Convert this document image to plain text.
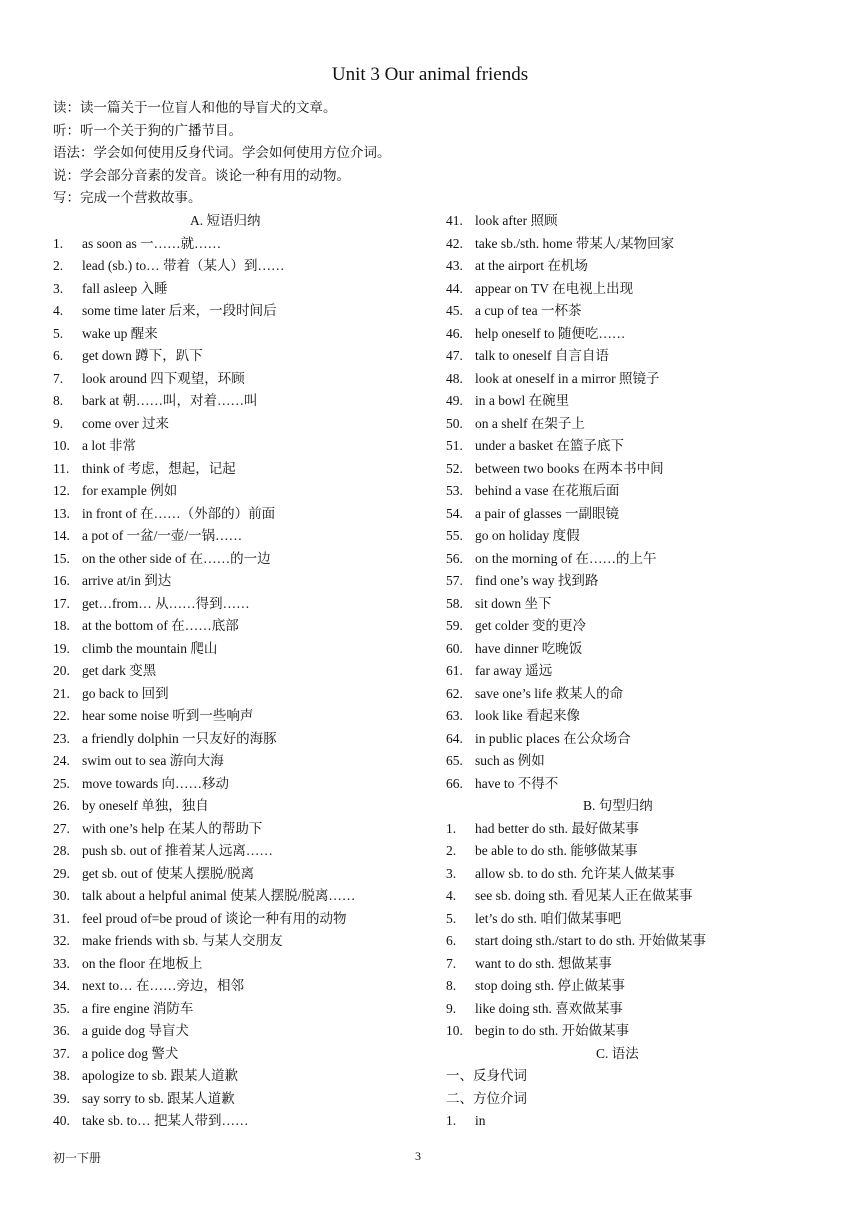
Unit 3 Our animal friends
读：读一篇关于一位盲人和他的导盲犬的文章。
听：听一个关于狗的广播节目。
语法：学会如何使用反身代词。学会如何使用方位介词。
说：学会部分音素的发音。谈论一种有用的动物。
写：完成一个营救故事。
A. 短语归纳
1. as soon as 一……就……
2. lead (sb.) to… 带着（某人）到……
3. fall asleep 入睡
4. some time later 后来，一段时间后
5. wake up 醒来
6. get down 蹲下，趴下
7. look around 四下观望，环顾
8. bark at 朝……叫，对着……叫
9. come over 过来
10. a lot 非常
11. think of 考虑，想起，记起
12. for example 例如
13. in front of 在……（外部的）前面
14. a pot of 一盆/一壶/一锅……
15. on the other side of 在……的一边
16. arrive at/in 到达
17. get…from… 从……得到……
18. at the bottom of 在……底部
19. climb the mountain 爬山
20. get dark 变黑
21. go back to 回到
22. hear some noise 听到一些响声
23. a friendly dolphin 一只友好的海豚
24. swim out to sea 游向大海
25. move towards 向……移动
26. by oneself 单独，独自
27. with one’s help 在某人的帮助下
28. push sb. out of 推着某人远离……
29. get sb. out of 使某人摆脱/脱离
30. talk about a helpful animal 使某人摆脱/脱离……
31. feel proud of=be proud of 谈论一种有用的动物
32. make friends with sb. 与某人交朋友
33. on the floor 在地板上
34. next to… 在……旁边，相邻
35. a fire engine 消防车
36. a guide dog 导盲犬
37. a police dog 警犬
38. apologize to sb. 跟某人道歉
39. say sorry to sb. 跟某人道歉
40. take sb. to… 把某人带到……
41. look after 照顾
42. take sb./sth. home 带某人/某物回家
43. at the airport 在机场
44. appear on TV 在电视上出现
45. a cup of tea 一杯茶
46. help oneself to 随便吃……
47. talk to oneself 自言自语
48. look at oneself in a mirror 照镜子
49. in a bowl 在碗里
50. on a shelf 在架子上
51. under a basket 在篮子底下
52. between two books 在两本书中间
53. behind a vase 在花瓶后面
54. a pair of glasses 一副眼镜
55. go on holiday 度假
56. on the morning of 在……的上午
57. find one’s way 找到路
58. sit down 坐下
59. get colder 变的更冷
60. have dinner 吃晚饭
61. far away 遥远
62. save one’s life 救某人的命
63. look like 看起来像
64. in public places 在公众场合
65. such as 例如
66. have to 不得不
B. 句型归纳
1. had better do sth. 最好做某事
2. be able to do sth. 能够做某事
3. allow sb. to do sth. 允许某人做某事
4. see sb. doing sth. 看见某人正在做某事
5. let’s do sth. 咱们做某事吧
6. start doing sth./start to do sth. 开始做某事
7. want to do sth. 想做某事
8. stop doing sth. 停止做某事
9. like doing sth. 喜欢做某事
10. begin to do sth. 开始做某事
C. 语法
一、反身代词
二、方位介词
1. in
初一下册	3
